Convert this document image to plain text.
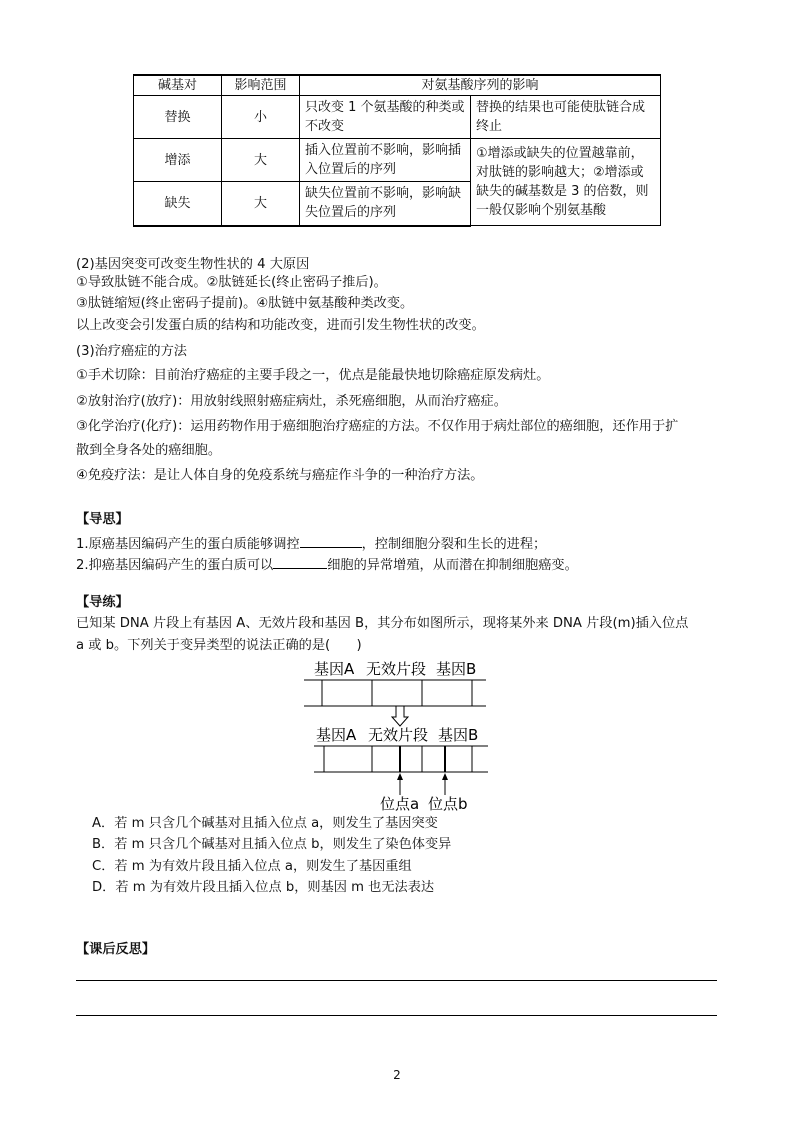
碱基对	影响范围	对氨基酸序列的影响	
替换	小	只改变 1 个氨基酸的种类或不改变	替换的结果也可能使肽链合成终止
增添	大	插入位置前不影响，影响插入位置后的序列	①增添或缺失的位置越靠前，对肽链的影响越大；②增添或缺失的碱基数是 3 的倍数，则一般仅影响个别氨基酸
缺失	大	缺失位置前不影响，影响缺失位置后的序列	
(2)基因突变可改变生物性状的 4 大原因
①导致肽链不能合成。②肽链延长(终止密码子推后)。
③肽链缩短(终止密码子提前)。④肽链中氨基酸种类改变。
以上改变会引发蛋白质的结构和功能改变，进而引发生物性状的改变。
(3)治疗癌症的方法
①手术切除：目前治疗癌症的主要手段之一，优点是能最快地切除癌症原发病灶。
②放射治疗(放疗)：用放射线照射癌症病灶，杀死癌细胞，从而治疗癌症。
③化学治疗(化疗)：运用药物作用于癌细胞治疗癌症的方法。不仅作用于病灶部位的癌细胞，还作用于扩
散到全身各处的癌细胞。
④免疫疗法：是让人体自身的免疫系统与癌症作斗争的一种治疗方法。
【导思】
1.原癌基因编码产生的蛋白质能够调控	，控制细胞分裂和生长的进程；
2.抑癌基因编码产生的蛋白质可以	细胞的异常增殖，从而潜在抑制细胞癌变。
【导练】
已知某 DNA 片段上有基因 A、无效片段和基因 B，其分布如图所示，现将某外来 DNA 片段(m)插入位点
a 或 b。下列关于变异类型的说法正确的是(　　)
基因A 无效片段 基因B
基因A 无效片段 基因B
位点a 位点b
A．若 m 只含几个碱基对且插入位点 a，则发生了基因突变
B．若 m 只含几个碱基对且插入位点 b，则发生了染色体变异
C．若 m 为有效片段且插入位点 a，则发生了基因重组
D．若 m 为有效片段且插入位点 b，则基因 m 也无法表达
【课后反思】
2
